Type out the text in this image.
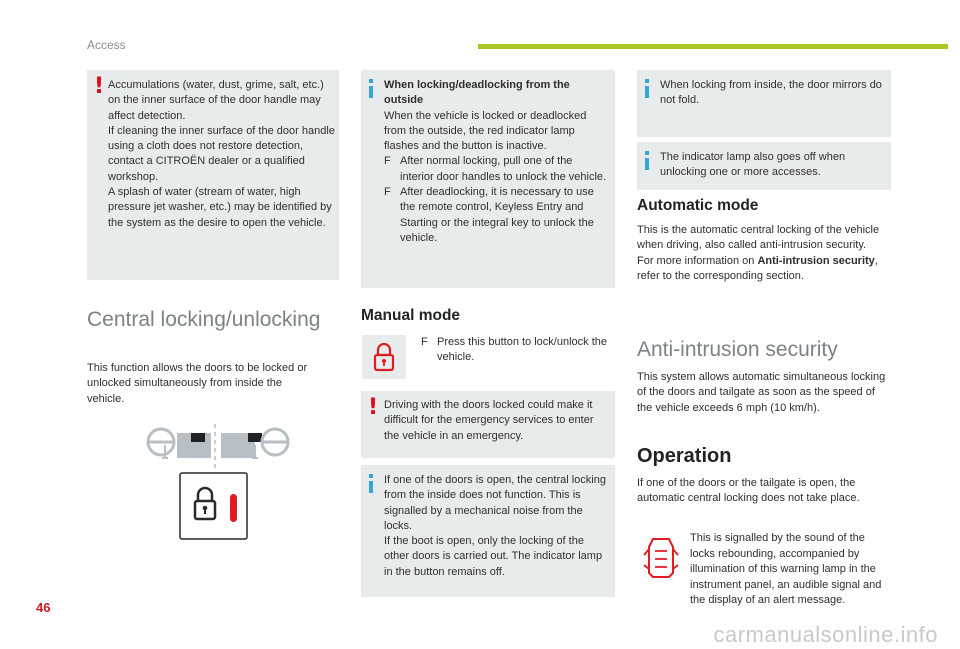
Access
! Accumulations (water, dust, grime, salt, etc.) on the inner surface of the door handle may affect detection.

If cleaning the inner surface of the door handle using a cloth does not restore detection, contact a CITROËN dealer or a qualified workshop.

A splash of water (stream of water, high pressure jet washer, etc.) may be identified by the system as the desire to open the vehicle.

Central locking/unlocking
This function allows the doors to be locked or unlocked simultaneously from inside the vehicle.

When locking/deadlocking from the outside

When the vehicle is locked or deadlocked from the outside, the red indicator lamp flashes and the button is inactive.

F After normal locking, pull one of the interior door handles to unlock the vehicle.
F After deadlocking, it is necessary to use the remote control, Keyless Entry and Starting or the integral key to unlock the vehicle.
Manual mode
F Press this button to lock/unlock the vehicle.
! Driving with the doors locked could make it difficult for the emergency services to enter the vehicle in an emergency.

If one of the doors is open, the central locking from the inside does not function. This is signalled by a mechanical noise from the locks.

If the boot is open, only the locking of the other doors is carried out. The indicator lamp in the button remains off.

When locking from inside, the door mirrors do not fold.
The indicator lamp also goes off when unlocking one or more accesses.
Automatic mode

This is the automatic central locking of the vehicle when driving, also called anti-intrusion security.

For more information on Anti-intrusion security, refer to the corresponding section.

Anti-intrusion security
This system allows automatic simultaneous locking of the doors and tailgate as soon as the speed of the vehicle exceeds 6 mph (10 km/h).
Operation
If one of the doors or the tailgate is open, the automatic central locking does not take place.
This is signalled by the sound of the locks rebounding, accompanied by illumination of this warning lamp in the instrument panel, an audible signal and the display of an alert message.
46
carmanualsonline.info
